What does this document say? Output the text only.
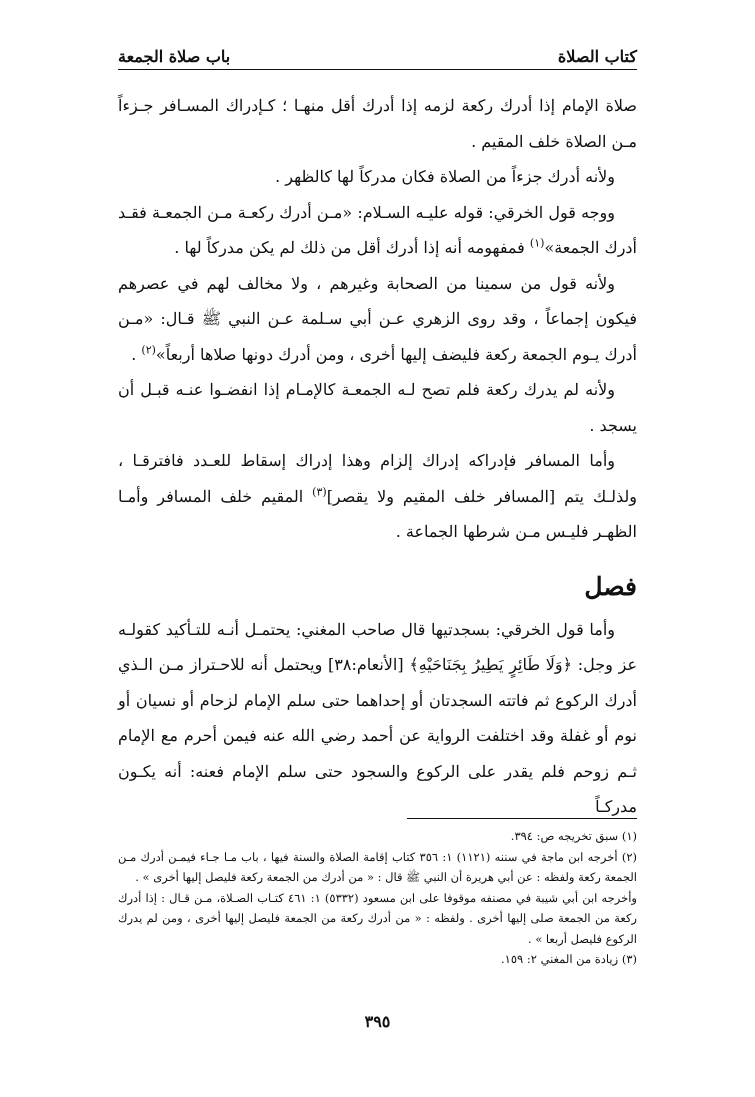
كتاب الصلاة
باب صلاة الجمعة

صلاة الإمام إذا أدرك ركعة لزمه إذا أدرك أقل منهـا ؛ كـإدراك المسـافر جـزءاً مـن الصلاة خلف المقيم .

ولأنه أدرك جزءاً من الصلاة فكان مدركاً لها كالظهر .

ووجه قول الخرقي: قوله عليـه السـلام: «مـن أدرك ركعـة مـن الجمعـة فقـد أدرك الجمعة»$^{(١)}$ فمفهومه أنه إذا أدرك أقل من ذلك لم يكن مدركاً لها .

ولأنه قول من سمينا من الصحابة وغيرهم ، ولا مخالف لهم في عصرهم فيكون إجماعاً ، وقد روى الزهري عـن أبي سـلمة عـن النبي ﷺ قـال: «مـن أدرك يـوم الجمعة ركعة فليضف إليها أخرى ، ومن أدرك دونها صلاها أربعاً»$^{(٢)}$ .

ولأنه لم يدرك ركعة فلم تصح لـه الجمعـة كالإمـام إذا انفضـوا عنـه قبـل أن يسجد .

وأما المسافر فإدراكه إدراك إلزام وهذا إدراك إسقاط للعـدد فافترقـا ، ولذلـك يتم [المسافر خلف المقيم ولا يقصر]$^{(٣)}$ المقيم خلف المسافر وأمـا الظهـر فليـس مـن شرطها الجماعة .

فصل

وأما قول الخرقي: بسجدتيها قال صاحب المغني: يحتمـل أنـه للتـأكيد كقولـه عز وجل: ﴿وَلَا طَائِرٍ يَطِيرُ بِجَنَاحَيْهِ﴾ [الأنعام:٣٨] ويحتمل أنه للاحـتراز مـن الـذي أدرك الركوع ثم فاتته السجدتان أو إحداهما حتى سلم الإمام لزحام أو نسيان أو نوم أو غفلة وقد اختلفت الرواية عن أحمد رضي الله عنه فيمن أحرم مع الإمام ثـم زوحم فلم يقدر على الركوع والسجود حتى سلم الإمام فعنه: أنه يكـون مدركـاً

(١) سبق تخريجه ص: ٣٩٤.

(٢) أخرجه ابن ماجة في سننه (١١٢١) ١: ٣٥٦ كتاب إقامة الصلاة والسنة فيها ، باب مـا جـاء فيمـن أدرك مـن الجمعة ركعة ولفظه : عن أبي هريرة أن النبي ﷺ قال : « من أدرك من الجمعة ركعة فليصل إليها أخرى » .

وأخرجه ابن أبي شيبة في مصنفه موقوفا على ابن مسعود (٥٣٣٢) ١: ٤٦١ كتـاب الصـلاة، مـن قـال : إذا أدرك ركعة من الجمعة صلى إليها أخرى . ولفظه : « من أدرك ركعة من الجمعة فليصل إليها أخرى ، ومن لم يدرك الركوع فليصل أربعا » .

(٣) زيادة من المغني ٢: ١٥٩.

٣٩٥
